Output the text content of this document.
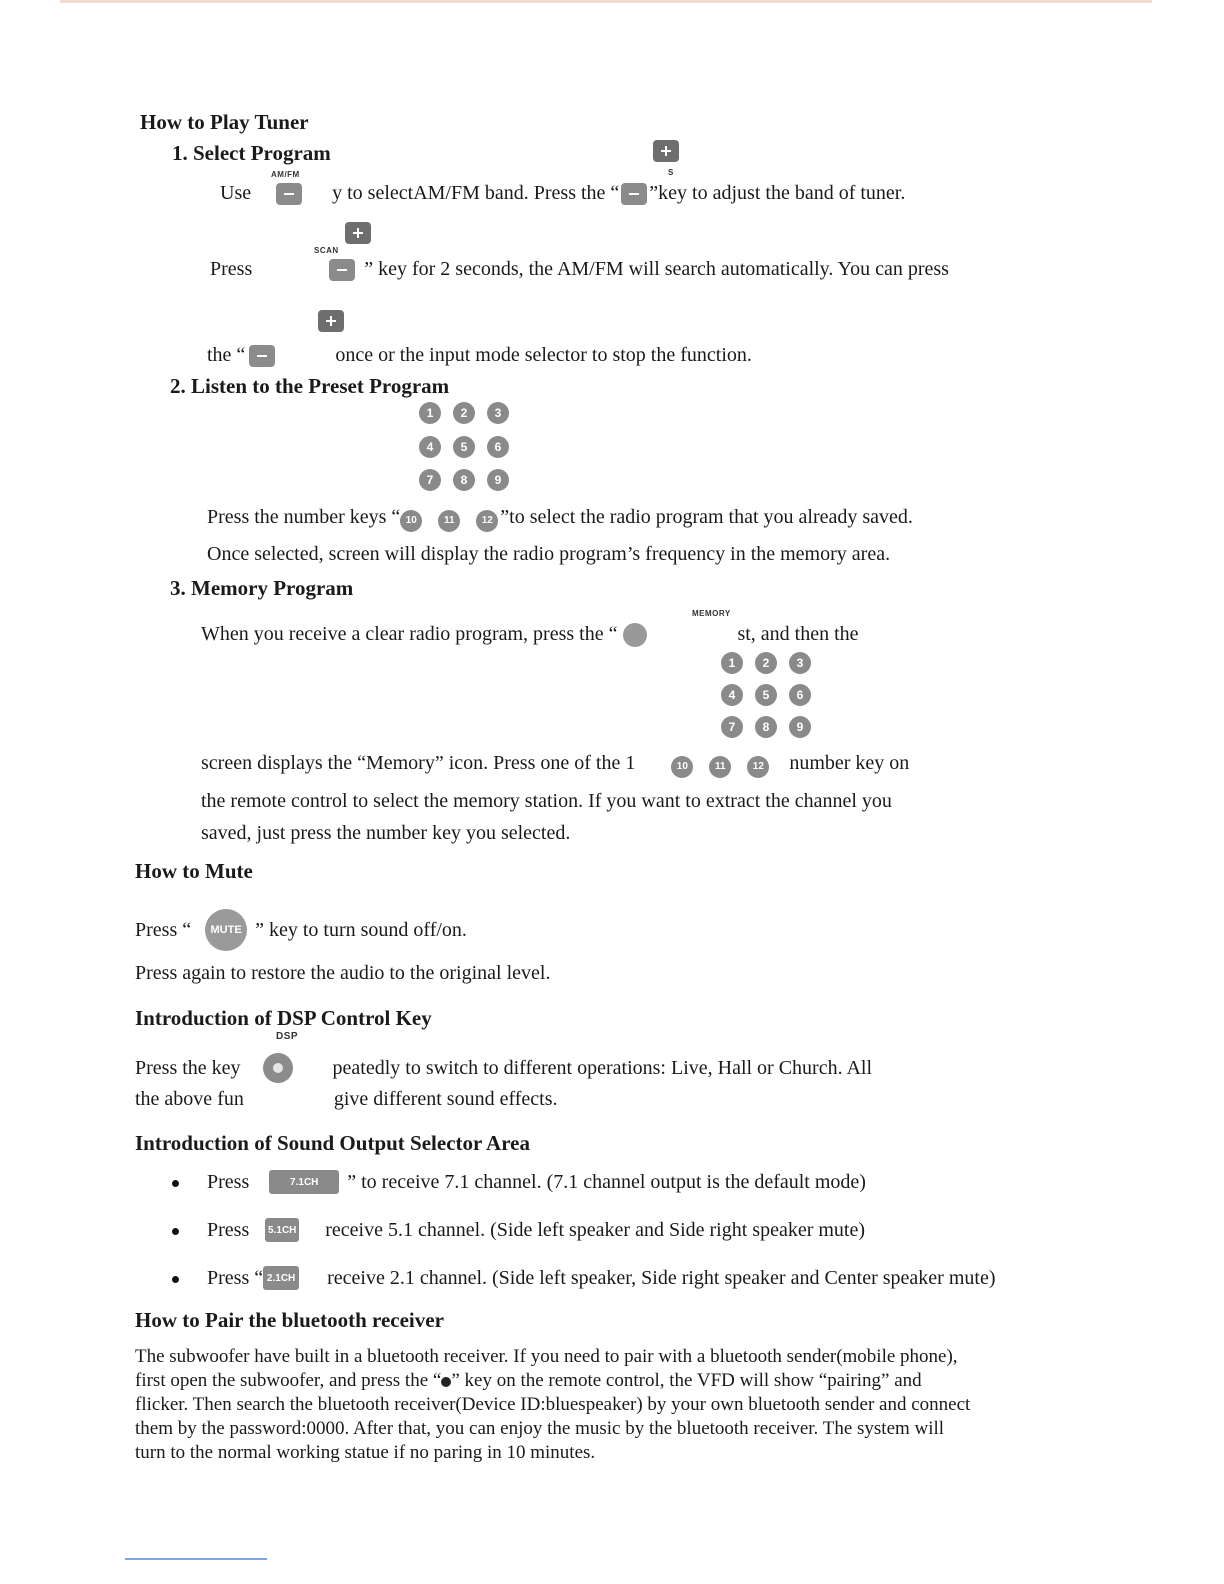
How to Play Tuner
1. Select Program
AM/FM
	S
Use	y to selectAM/FM band. Press the “ ”key to adjust the band of tuner.

SCAN
Press	” key for 2 seconds, the AM/FM will search automatically. You can press
the “	once or the input mode selector to stop the function.
2. Listen to the Preset Program
1	2	3
4	5	6
7	8	9
Press the number keys “ 10	11	12 ”to select the radio program that you already saved.
Once selected, screen will display the radio program’s frequency in the memory area.
3. Memory Program
MEMORY
When you receive a clear radio program, press the “	st, and then the
1	2	3
4	5	6
7	8	9
screen displays the “Memory” icon. Press one of the 1	10	11	12 number key on
the remote control to select the memory station. If you want to extract the channel you
saved, just press the number key you selected.
How to Mute
Press “	MUTE ” key to turn sound off/on.
Press again to restore the audio to the original level.
Introduction of DSP Control Key
DSP
Press the key	peatedly to switch to different operations: Live, Hall or Church. All
the above fun	give different sound effects.
Introduction of Sound Output Selector Area
Press	7.1CH	” to receive 7.1 channel. (7.1 channel output is the default mode)
Press 5.1CH receive 5.1 channel. (Side left speaker and Side right speaker mute)
Press “ 2.1CH receive 2.1 channel. (Side left speaker, Side right speaker and Center speaker mute)
How to Pair the bluetooth receiver
The subwoofer have built in a bluetooth receiver. If you need to pair with a bluetooth sender(mobile phone),
first open the subwoofer, and press the “ ” key on the remote control, the VFD will show “pairing” and
flicker. Then search the bluetooth receiver(Device ID:bluespeaker) by your own bluetooth sender and connect
them by the password:0000. After that, you can enjoy the music by the bluetooth receiver. The system will
turn to the normal working statue if no paring in 10 minutes.
